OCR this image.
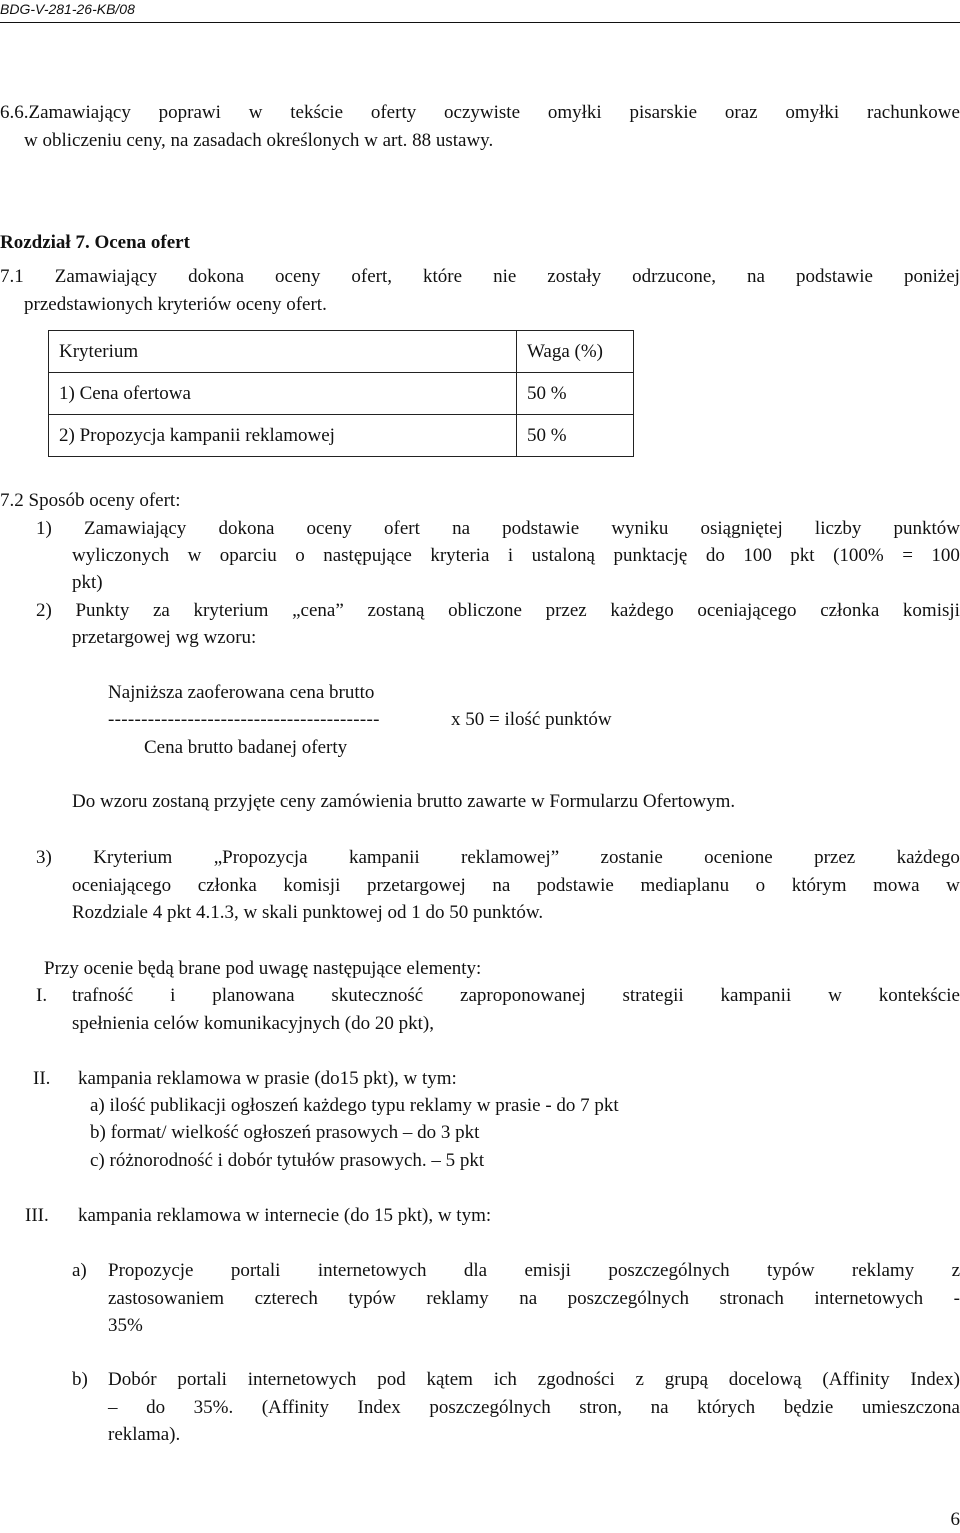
BDG-V-281-26-KB/08
6.6.Zamawiający poprawi w tekście oferty oczywiste omyłki pisarskie oraz omyłki rachunkowe
w obliczeniu ceny, na zasadach określonych w art. 88 ustawy.
Rozdział 7. Ocena ofert
7.1 Zamawiający dokona oceny ofert, które nie zostały odrzucone, na podstawie poniżej
przedstawionych kryteriów oceny ofert.
Kryterium	Waga (%)
1) Cena ofertowa	50 %
2) Propozycja kampanii reklamowej	50 %
7.2 Sposób oceny ofert:
1) Zamawiający dokona oceny ofert na podstawie wyniku osiągniętej liczby punktów
wyliczonych w oparciu o następujące kryteria i ustaloną punktację do 100 pkt (100% = 100
pkt)
2) Punkty za kryterium „cena” zostaną obliczone przez każdego oceniającego członka komisji
przetargowej wg wzoru:
Najniższa zaoferowana cena brutto
-----------------------------------------	x 50 = ilość punktów
Cena brutto badanej oferty
Do wzoru zostaną przyjęte ceny zamówienia brutto zawarte w Formularzu Ofertowym.
3) Kryterium „Propozycja kampanii reklamowej” zostanie ocenione przez każdego
oceniającego członka komisji przetargowej na podstawie mediaplanu o którym mowa w
Rozdziale 4 pkt 4.1.3, w skali punktowej od 1 do 50 punktów.
Przy ocenie będą brane pod uwagę następujące elementy:
I. trafność i planowana skuteczność zaproponowanej strategii kampanii w kontekście
spełnienia celów komunikacyjnych (do 20 pkt),
II. kampania reklamowa w prasie (do15 pkt), w tym:
a) ilość publikacji ogłoszeń każdego typu reklamy w prasie - do 7 pkt
b) format/ wielkość ogłoszeń prasowych – do 3 pkt
c) różnorodność i dobór tytułów prasowych. – 5 pkt
III. kampania reklamowa w internecie (do 15 pkt), w tym:
a) Propozycje portali internetowych dla emisji poszczególnych typów reklamy z
zastosowaniem czterech typów reklamy na poszczególnych stronach internetowych -
35%
b) Dobór portali internetowych pod kątem ich zgodności z grupą docelową (Affinity Index)
– do 35%. (Affinity Index poszczególnych stron, na których będzie umieszczona
reklama).
6
